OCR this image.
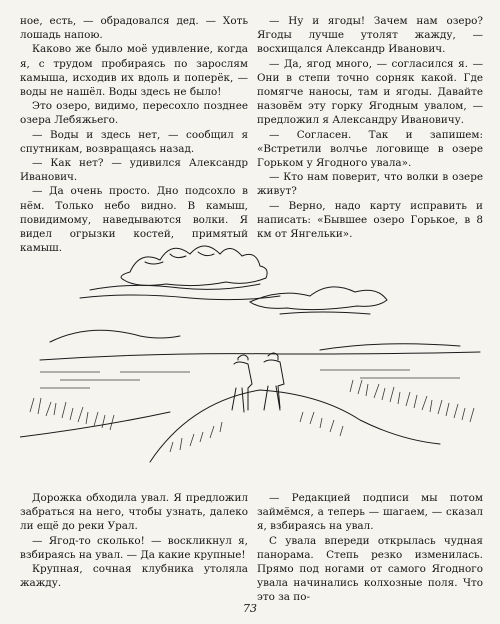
ное, есть, — обрадовался дед. — Хоть лошадь напою.

Каково же было моё удивление, когда я, с трудом пробираясь по зарослям камыша, исходив их вдоль и поперёк, — воды не нашёл. Воды здесь не было!

Это озеро, видимо, пересохло позднее озера Лебяжьего.

— Воды и здесь нет, — сообщил я спутникам, возвращаясь назад.

— Как нет? — удивился Александр Иванович.

— Да очень просто. Дно подсохло в нём. Только небо видно. В камыш, повидимому, наведываются волки. Я видел огрызки костей, примятый камыш.

— Ну и ягоды! Зачем нам озеро? Ягоды лучше утолят жажду, — восхищался Александр Иванович.

— Да, ягод много, — согласился я. — Они в степи точно сорняк какой. Где помягче наносы, там и ягоды. Давайте назовём эту горку Ягодным увалом, — предложил я Александру Ивановичу.

— Согласен. Так и запишем: «Встретили волчье логовище в озере Горьком у Ягодного увала».

— Кто нам поверит, что волки в озере живут?

— Верно, надо карту исправить и написать: «Бывшее озеро Горькое, в 8 км от Янгельки».

Дорожка обходила увал. Я предложил забраться на него, чтобы узнать, далеко ли ещё до реки Урал.

— Ягод-то сколько! — воскликнул я, взбираясь на увал. — Да какие крупные!

Крупная, сочная клубника утоляла жажду.

— Редакцией подписи мы потом займёмся, а теперь — шагаем, — сказал я, взбираясь на увал.

С увала впереди открылась чудная панорама. Степь резко изменилась. Прямо под ногами от самого Ягодного увала начинались колхозные поля. Что это за по-

73
